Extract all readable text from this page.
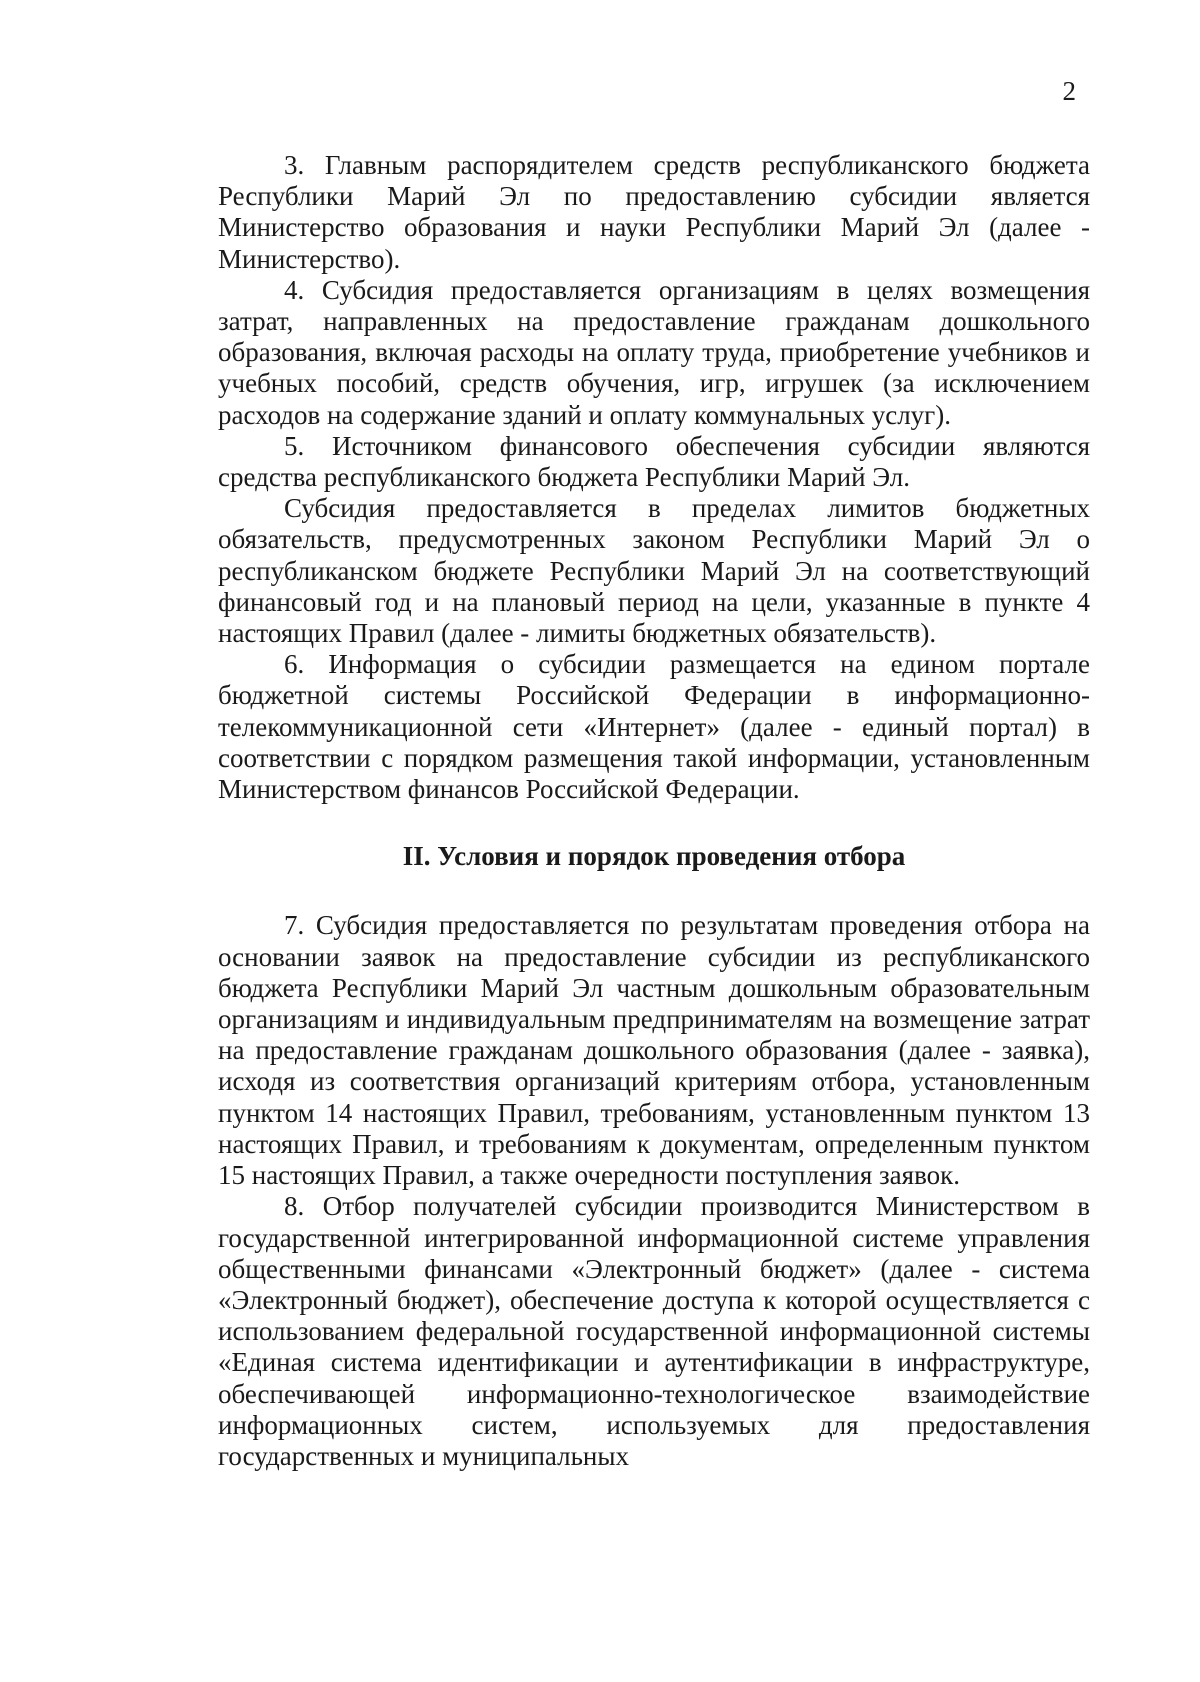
2

3. Главным распорядителем средств республиканского бюджета Республики Марий Эл по предоставлению субсидии является Министерство образования и науки Республики Марий Эл (далее - Министерство).

4. Субсидия предоставляется организациям в целях возмещения затрат, направленных на предоставление гражданам дошкольного образования, включая расходы на оплату труда, приобретение учебников и учебных пособий, средств обучения, игр, игрушек (за исключением расходов на содержание зданий и оплату коммунальных услуг).

5. Источником финансового обеспечения субсидии являются средства республиканского бюджета Республики Марий Эл.

Субсидия предоставляется в пределах лимитов бюджетных обязательств, предусмотренных законом Республики Марий Эл о республиканском бюджете Республики Марий Эл на соответствующий финансовый год и на плановый период на цели, указанные в пункте 4 настоящих Правил (далее - лимиты бюджетных обязательств).

6. Информация о субсидии размещается на едином портале бюджетной системы Российской Федерации в информационно-телекоммуникационной сети «Интернет» (далее - единый портал) в соответствии с порядком размещения такой информации, установленным Министерством финансов Российской Федерации.

II. Условия и порядок проведения отбора

7. Субсидия предоставляется по результатам проведения отбора на основании заявок на предоставление субсидии из республиканского бюджета Республики Марий Эл частным дошкольным образовательным организациям и индивидуальным предпринимателям на возмещение затрат на предоставление гражданам дошкольного образования (далее - заявка), исходя из соответствия организаций критериям отбора, установленным пунктом 14 настоящих Правил, требованиям, установленным пунктом 13 настоящих Правил, и требованиям к документам, определенным пунктом 15 настоящих Правил, а также очередности поступления заявок.

8. Отбор получателей субсидии производится Министерством в государственной интегрированной информационной системе управления общественными финансами «Электронный бюджет» (далее - система «Электронный бюджет), обеспечение доступа к которой осуществляется с использованием федеральной государственной информационной системы «Единая система идентификации и аутентификации в инфраструктуре, обеспечивающей информационно-технологическое взаимодействие информационных систем, используемых для предоставления государственных и муниципальных
